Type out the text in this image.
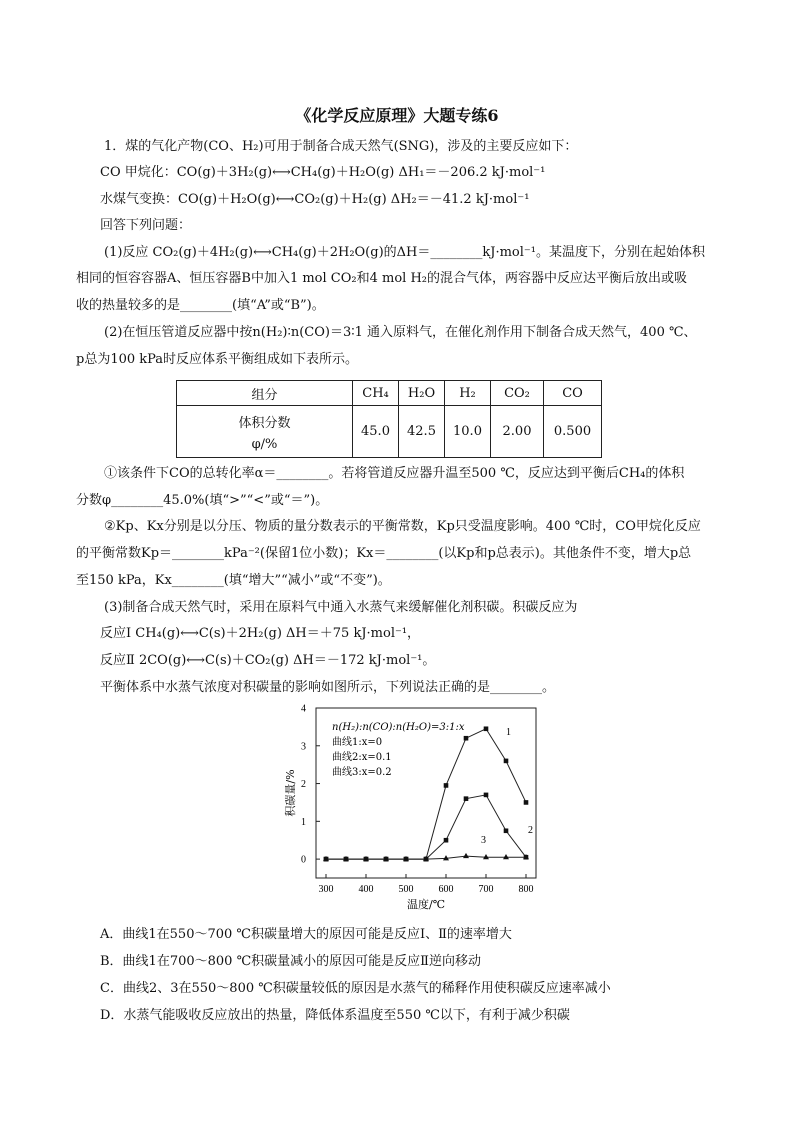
《化学反应原理》大题专练6
1．煤的气化产物(CO、H₂)可用于制备合成天然气(SNG)，涉及的主要反应如下：
CO 甲烷化：CO(g)＋3H₂(g)⟷CH₄(g)＋H₂O(g) ΔH₁＝－206.2 kJ·mol⁻¹
水煤气变换：CO(g)＋H₂O(g)⟷CO₂(g)＋H₂(g) ΔH₂＝－41.2 kJ·mol⁻¹
回答下列问题：
(1)反应 CO₂(g)＋4H₂(g)⟷CH₄(g)＋2H₂O(g)的ΔH＝________kJ·mol⁻¹。某温度下，分别在起始体积
相同的恒容容器A、恒压容器B中加入1 mol CO₂和4 mol H₂的混合气体，两容器中反应达平衡后放出或吸
收的热量较多的是________(填“A”或“B”)。
(2)在恒压管道反应器中按n(H₂)∶n(CO)＝3∶1 通入原料气，在催化剂作用下制备合成天然气，400 ℃、
p总为100 kPa时反应体系平衡组成如下表所示。
组分	CH₄	H₂O	H₂	CO₂	CO

体积分数
φ/%	45.0	42.5	10.0	2.00	0.500
①该条件下CO的总转化率α＝________。若将管道反应器升温至500 ℃，反应达到平衡后CH₄的体积
分数φ________45.0%(填“>”“<”或“＝”)。
②Kp、Kx分别是以分压、物质的量分数表示的平衡常数，Kp只受温度影响。400 ℃时，CO甲烷化反应
的平衡常数Kp＝________kPa⁻²(保留1位小数)；Kx＝________(以Kp和p总表示)。其他条件不变，增大p总
至150 kPa，Kx________(填“增大”“减小”或“不变”)。
(3)制备合成天然气时，采用在原料气中通入水蒸气来缓解催化剂积碳。积碳反应为
反应Ⅰ CH₄(g)⟷C(s)＋2H₂(g) ΔH＝＋75 kJ·mol⁻¹，
反应Ⅱ 2CO(g)⟷C(s)＋CO₂(g) ΔH＝－172 kJ·mol⁻¹。
平衡体系中水蒸气浓度对积碳量的影响如图所示，下列说法正确的是________。
300	400	500	600	700	800
0
1
2
3
4
温度/℃
积碳量/%
n(H₂):n(CO):n(H₂O)=3:1:x
曲线1:x=0
曲线2:x=0.1
曲线3:x=0.2
1
2
3
A．曲线1在550～700 ℃积碳量增大的原因可能是反应Ⅰ、Ⅱ的速率增大
B．曲线1在700～800 ℃积碳量减小的原因可能是反应Ⅱ逆向移动
C．曲线2、3在550～800 ℃积碳量较低的原因是水蒸气的稀释作用使积碳反应速率减小
D．水蒸气能吸收反应放出的热量，降低体系温度至550 ℃以下，有利于减少积碳
